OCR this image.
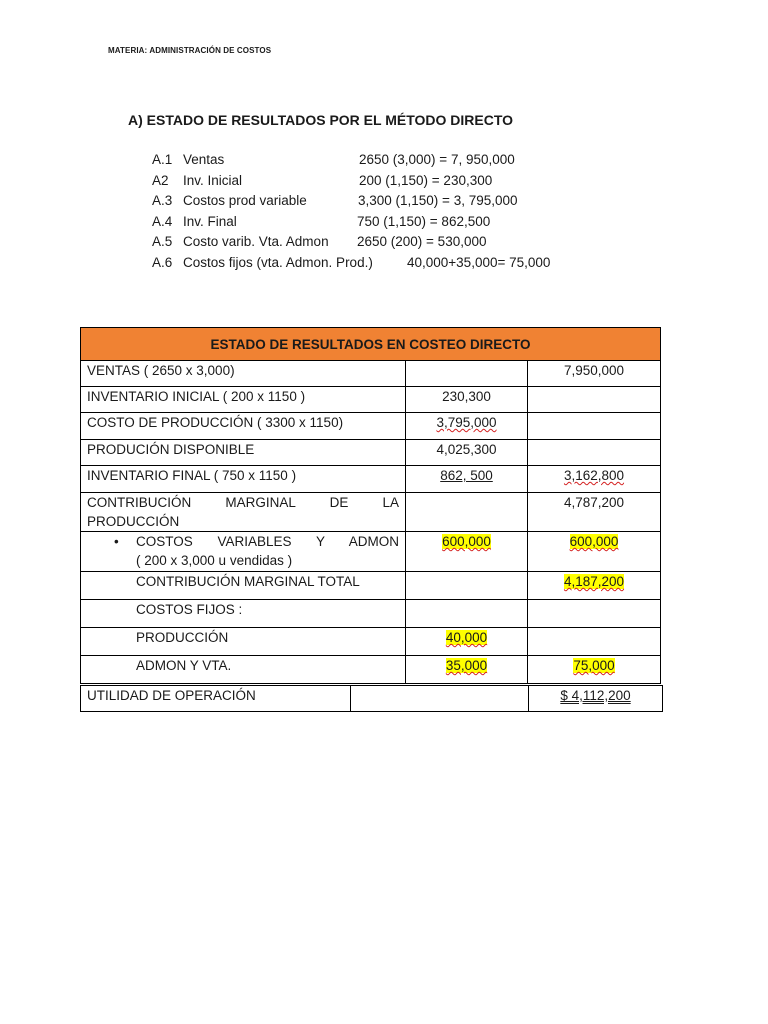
MATERIA: ADMINISTRACIÓN DE COSTOS
A) ESTADO DE RESULTADOS POR EL MÉTODO DIRECTO
A.1 Ventas	2650 (3,000) = 7, 950,000
A2 Inv. Inicial	200 (1,150) = 230,300
A.3 Costos prod variable	3,300 (1,150) = 3, 795,000
A.4 Inv. Final	750 (1,150) = 862,500
A.5 Costo varib. Vta. Admon 2650 (200) = 530,000
A.6 Costos fijos (vta. Admon. Prod.)	40,000+35,000= 75,000
ESTADO DE RESULTADOS EN COSTEO DIRECTO		
VENTAS ( 2650 x 3,000)		7,950,000
INVENTARIO INICIAL ( 200 x 1150 )	230,300	
COSTO DE PRODUCCIÓN ( 3300 x 1150)	3,795,000	
PRODUCIÓN DISPONIBLE	4,025,300	
INVENTARIO FINAL ( 750 x 1150 )	862, 500	3,162,800

CONTRIBUCIÓN MARGINAL DE LA
PRODUCCIÓN		4,787,200

• COSTOS VARIABLES Y ADMON
( 200 x 3,000 u vendidas )	600,000	600,000
CONTRIBUCIÓN MARGINAL TOTAL		4,187,200
COSTOS FIJOS :		
PRODUCCIÓN	40,000	
ADMON Y VTA.	35,000	75,000
UTILIDAD DE OPERACIÓN		$ 4,112,200
